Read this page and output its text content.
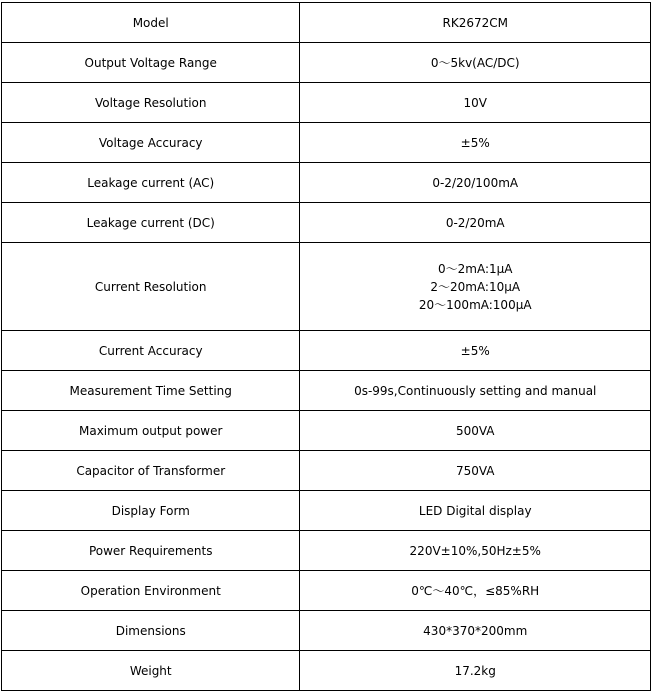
Model	RK2672CM
Output Voltage Range	0～5kv(AC/DC)
Voltage Resolution	10V
Voltage Accuracy	±5%
Leakage current (AC)	0-2/20/100mA
Leakage current (DC)	0-2/20mA
Current Resolution	0～2mA:1μA
2～20mA:10μA
20～100mA:100μA

Current Accuracy	±5%
Measurement Time Setting	0s-99s,Continuously setting and manual
Maximum output power	500VA
Capacitor of Transformer	750VA
Display Form	LED Digital display
Power Requirements	220V±10%,50Hz±5%
Operation Environment	0℃～40℃，≤85%RH
Dimensions	430*370*200mm
Weight	17.2kg
